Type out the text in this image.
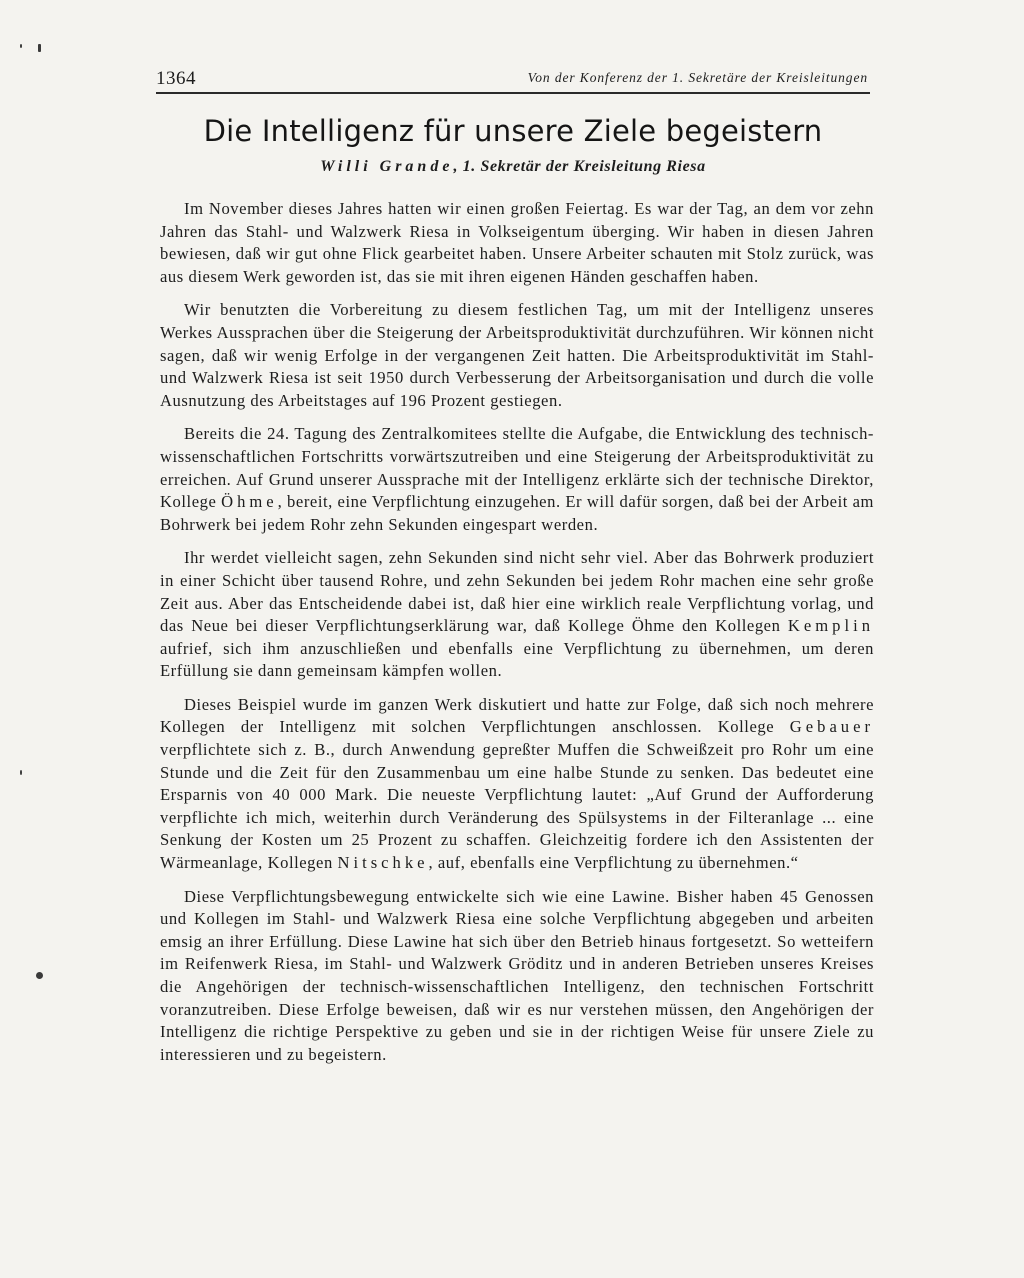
1364	Von der Konferenz der 1. Sekretäre der Kreisleitungen
Die Intelligenz für unsere Ziele begeistern
Willi Grande, 1. Sekretär der Kreisleitung Riesa

Im November dieses Jahres hatten wir einen großen Feiertag. Es war der Tag, an dem vor zehn Jahren das Stahl- und Walzwerk Riesa in Volkseigentum überging. Wir haben in diesen Jahren bewiesen, daß wir gut ohne Flick gearbeitet haben. Unsere Arbeiter schauten mit Stolz zurück, was aus diesem Werk geworden ist, das sie mit ihren eigenen Händen geschaffen haben.

Wir benutzten die Vorbereitung zu diesem festlichen Tag, um mit der Intelligenz unseres Werkes Aussprachen über die Steigerung der Arbeitsproduktivität durchzuführen. Wir können nicht sagen, daß wir wenig Erfolge in der vergangenen Zeit hatten. Die Arbeitsproduktivität im Stahl- und Walzwerk Riesa ist seit 1950 durch Verbesserung der Arbeitsorganisation und durch die volle Ausnutzung des Arbeitstages auf 196 Prozent gestiegen.

Bereits die 24. Tagung des Zentralkomitees stellte die Aufgabe, die Entwicklung des technisch-wissenschaftlichen Fortschritts vorwärtszutreiben und eine Steigerung der Arbeitsproduktivität zu erreichen. Auf Grund unserer Aussprache mit der Intelligenz erklärte sich der technische Direktor, Kollege Öhme, bereit, eine Verpflichtung einzugehen. Er will dafür sorgen, daß bei der Arbeit am Bohrwerk bei jedem Rohr zehn Sekunden eingespart werden.

Ihr werdet vielleicht sagen, zehn Sekunden sind nicht sehr viel. Aber das Bohrwerk produziert in einer Schicht über tausend Rohre, und zehn Sekunden bei jedem Rohr machen eine sehr große Zeit aus. Aber das Entscheidende dabei ist, daß hier eine wirklich reale Verpflichtung vorlag, und das Neue bei dieser Verpflichtungserklärung war, daß Kollege Öhme den Kollegen Kemplin aufrief, sich ihm anzuschließen und ebenfalls eine Verpflichtung zu übernehmen, um deren Erfüllung sie dann gemeinsam kämpfen wollen.

Dieses Beispiel wurde im ganzen Werk diskutiert und hatte zur Folge, daß sich noch mehrere Kollegen der Intelligenz mit solchen Verpflichtungen anschlossen. Kollege Gebauer verpflichtete sich z. B., durch Anwendung gepreßter Muffen die Schweißzeit pro Rohr um eine Stunde und die Zeit für den Zusammenbau um eine halbe Stunde zu senken. Das bedeutet eine Ersparnis von 40 000 Mark. Die neueste Verpflichtung lautet: „Auf Grund der Aufforderung verpflichte ich mich, weiterhin durch Veränderung des Spülsystems in der Filteranlage ... eine Senkung der Kosten um 25 Prozent zu schaffen. Gleichzeitig fordere ich den Assistenten der Wärmeanlage, Kollegen Nitschke, auf, ebenfalls eine Verpflichtung zu übernehmen.“

Diese Verpflichtungsbewegung entwickelte sich wie eine Lawine. Bisher haben 45 Genossen und Kollegen im Stahl- und Walzwerk Riesa eine solche Verpflichtung abgegeben und arbeiten emsig an ihrer Erfüllung. Diese Lawine hat sich über den Betrieb hinaus fortgesetzt. So wetteifern im Reifenwerk Riesa, im Stahl- und Walzwerk Gröditz und in anderen Betrieben unseres Kreises die Angehörigen der technisch-wissenschaftlichen Intelligenz, den technischen Fortschritt voranzutreiben. Diese Erfolge beweisen, daß wir es nur verstehen müssen, den Angehörigen der Intelligenz die richtige Perspektive zu geben und sie in der richtigen Weise für unsere Ziele zu interessieren und zu begeistern.
